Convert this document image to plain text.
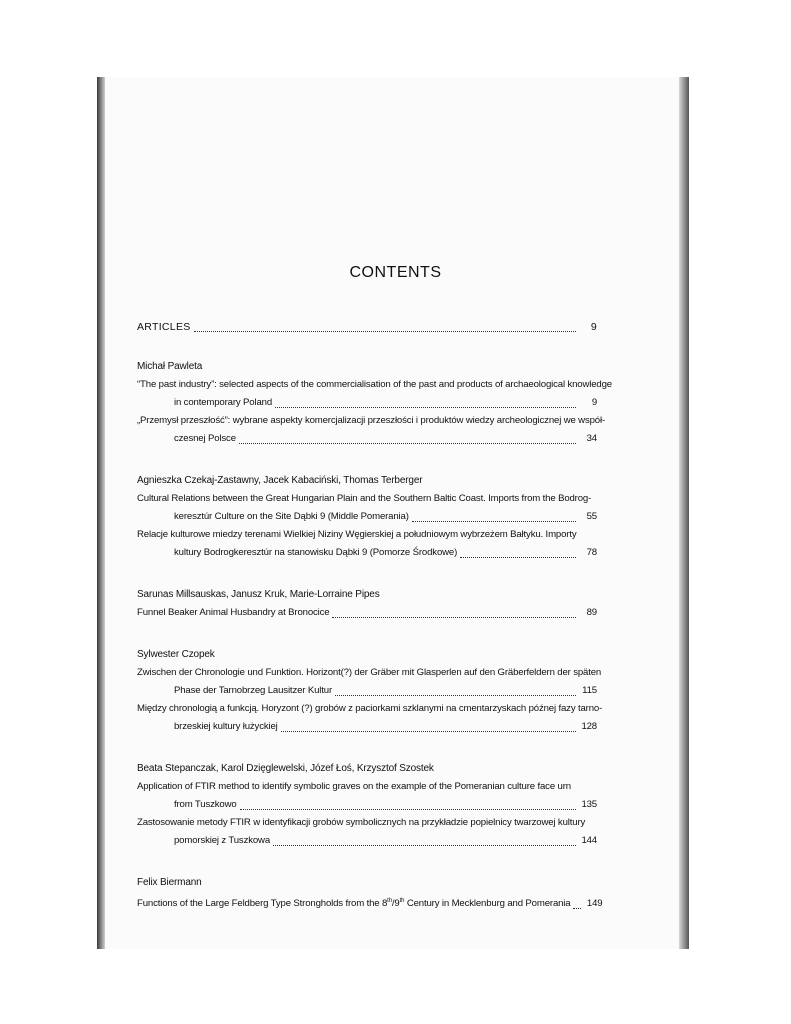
CONTENTS
ARTICLES	9
Michał Pawleta
“The past industry”: selected aspects of the commercialisation of the past and products of archaeological knowledge
in contemporary Poland	9
„Przemysł przeszłość”: wybrane aspekty komercjalizacji przeszłości i produktów wiedzy archeologicznej we współ-
czesnej Polsce	34
Agnieszka Czekaj-Zastawny, Jacek Kabaciński, Thomas Terberger
Cultural Relations between the Great Hungarian Plain and the Southern Baltic Coast. Imports from the Bodrog-
keresztúr Culture on the Site Dąbki 9 (Middle Pomerania)	55
Relacje kulturowe miedzy terenami Wielkiej Niziny Węgierskiej a południowym wybrzeżem Bałtyku. Importy
kultury Bodrogkeresztúr na stanowisku Dąbki 9 (Pomorze Środkowe)	78
Sarunas Millsauskas, Janusz Kruk, Marie-Lorraine Pipes
Funnel Beaker Animal Husbandry at Bronocice	89
Sylwester Czopek
Zwischen der Chronologie und Funktion. Horizont(?) der Gräber mit Glasperlen auf den Gräberfeldern der späten
Phase der Tarnobrzeg Lausitzer Kultur	115
Między chronologią a funkcją. Horyzont (?) grobów z paciorkami szklanymi na cmentarzyskach późnej fazy tarno-
brzeskiej kultury łużyckiej	128
Beata Stepanczak, Karol Dzięglewelski, Józef Łoś, Krzysztof Szostek
Application of FTIR method to identify symbolic graves on the example of the Pomeranian culture face urn
from Tuszkowo	135
Zastosowanie metody FTIR w identyfikacji grobów symbolicznych na przykładzie popielnicy twarzowej kultury
pomorskiej z Tuszkowa	144
Felix Biermann
Functions of the Large Feldberg Type Strongholds from the 8th/9th Century in Mecklenburg and Pomerania 149
